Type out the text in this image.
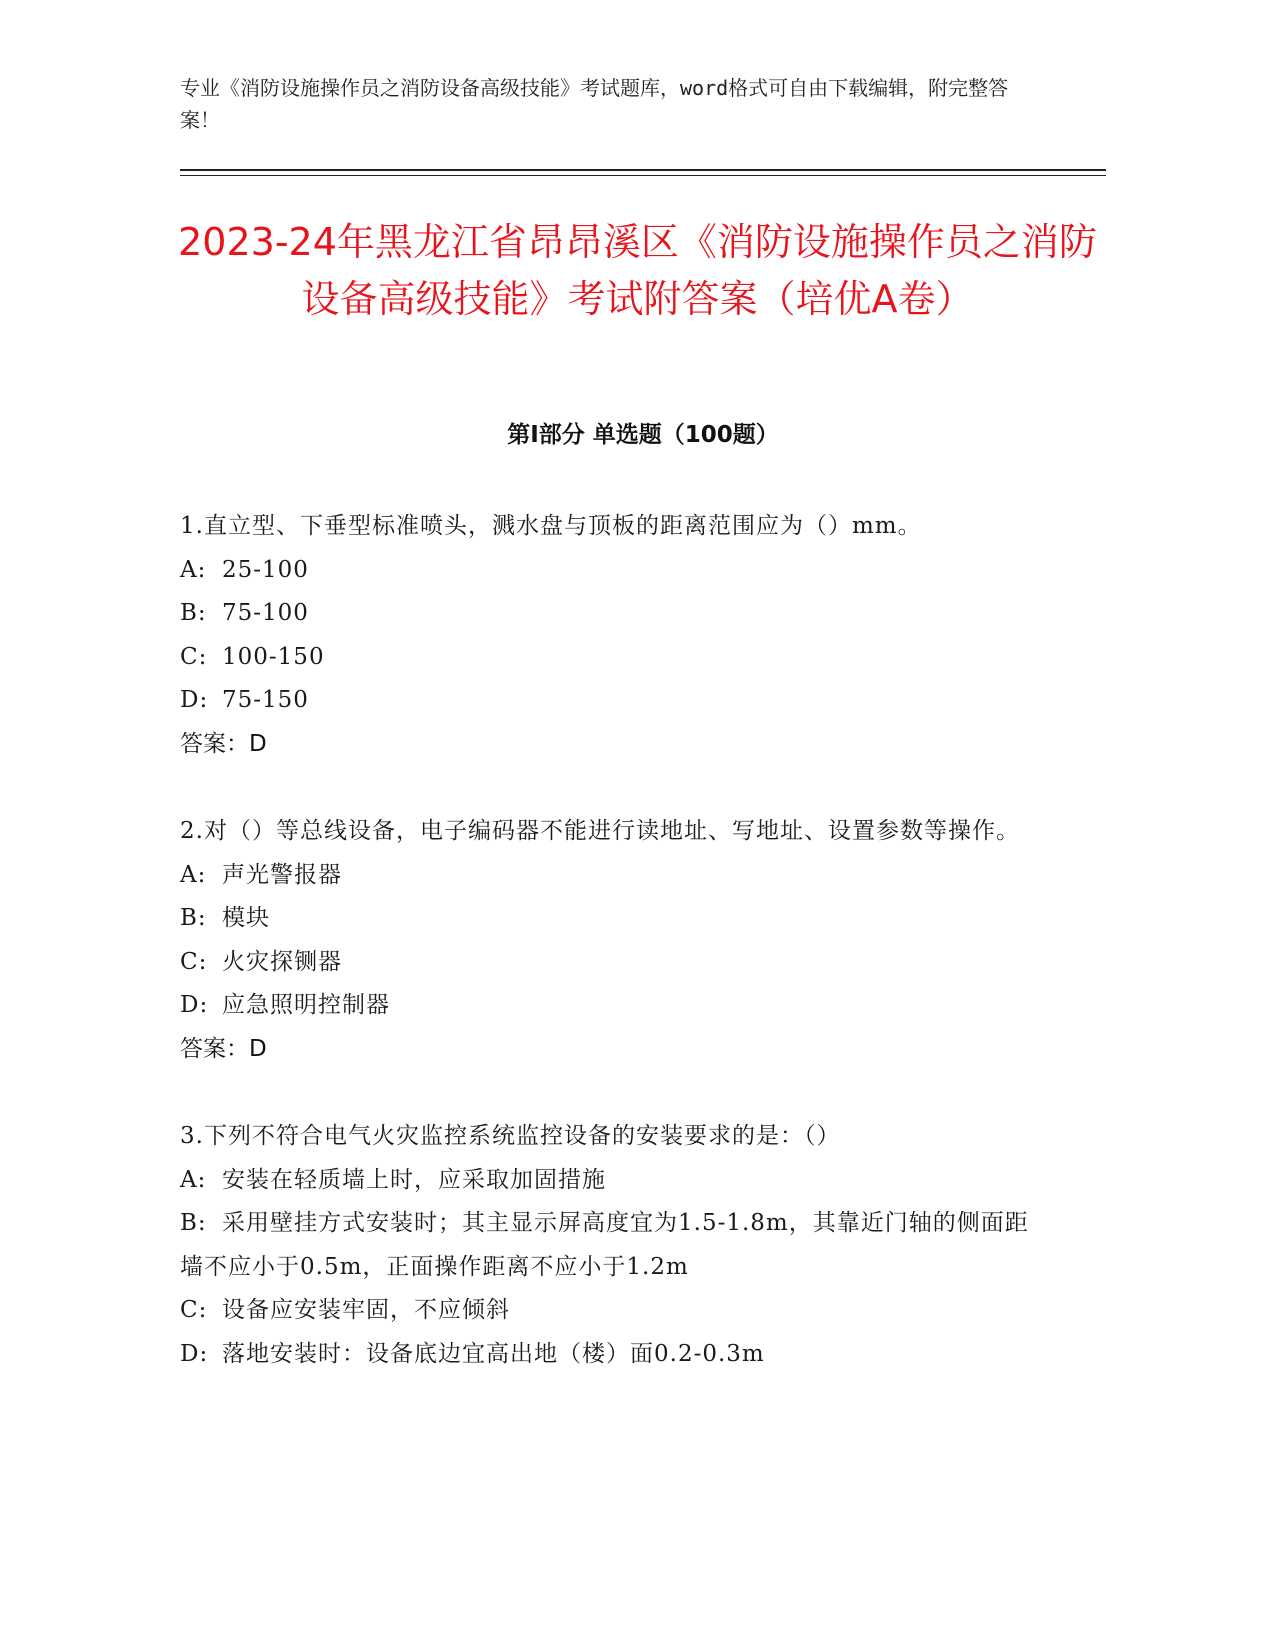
专业《消防设施操作员之消防设备高级技能》考试题库，word格式可自由下载编辑，附完整答案！
2023-24年黑龙江省昂昂溪区《消防设施操作员之消防设备高级技能》考试附答案（培优A卷）
第I部分 单选题（100题）
1.直立型、下垂型标准喷头，溅水盘与顶板的距离范围应为（）mm。
A: 25-100
B: 75-100
C: 100-150
D: 75-150
答案：D
2.对（）等总线设备，电子编码器不能进行读地址、写地址、设置参数等操作。
A: 声光警报器
B: 模块
C: 火灾探铡器
D: 应急照明控制器
答案：D
3.下列不符合电气火灾监控系统监控设备的安装要求的是：（）
A: 安装在轻质墙上时，应采取加固措施
B: 采用壁挂方式安装时；其主显示屏高度宜为1.5-1.8m，其靠近门轴的侧面距墙不应小于0.5m，正面操作距离不应小于1.2m
C: 设备应安装牢固，不应倾斜
D: 落地安装时：设备底边宜高出地（楼）面0.2-0.3m
